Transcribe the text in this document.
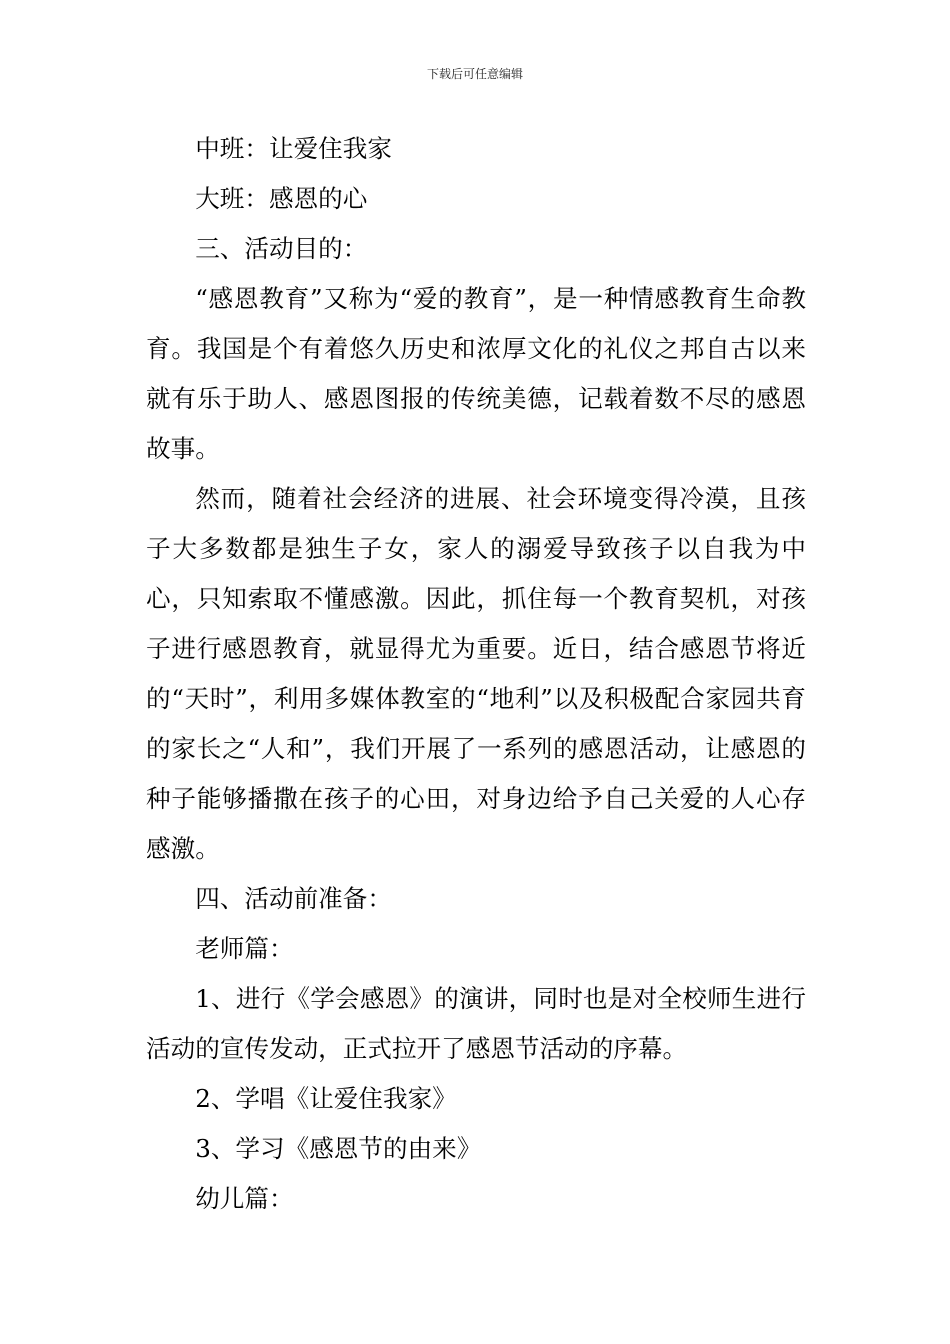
下载后可任意编辑

中班：让爱住我家

大班：感恩的心

三、活动目的：

“感恩教育”又称为“爱的教育”，是一种情感教育生命教育。我国是个有着悠久历史和浓厚文化的礼仪之邦自古以来就有乐于助人、感恩图报的传统美德，记载着数不尽的感恩故事。

然而，随着社会经济的进展、社会环境变得冷漠，且孩子大多数都是独生子女，家人的溺爱导致孩子以自我为中心，只知索取不懂感激。因此，抓住每一个教育契机，对孩子进行感恩教育，就显得尤为重要。近日，结合感恩节将近的“天时”，利用多媒体教室的“地利”以及积极配合家园共育的家长之“人和”，我们开展了一系列的感恩活动，让感恩的种子能够播撒在孩子的心田，对身边给予自己关爱的人心存感激。

四、活动前准备：

老师篇：

1、进行《学会感恩》的演讲，同时也是对全校师生进行活动的宣传发动，正式拉开了感恩节活动的序幕。

2、学唱《让爱住我家》

3、学习《感恩节的由来》

幼儿篇：
